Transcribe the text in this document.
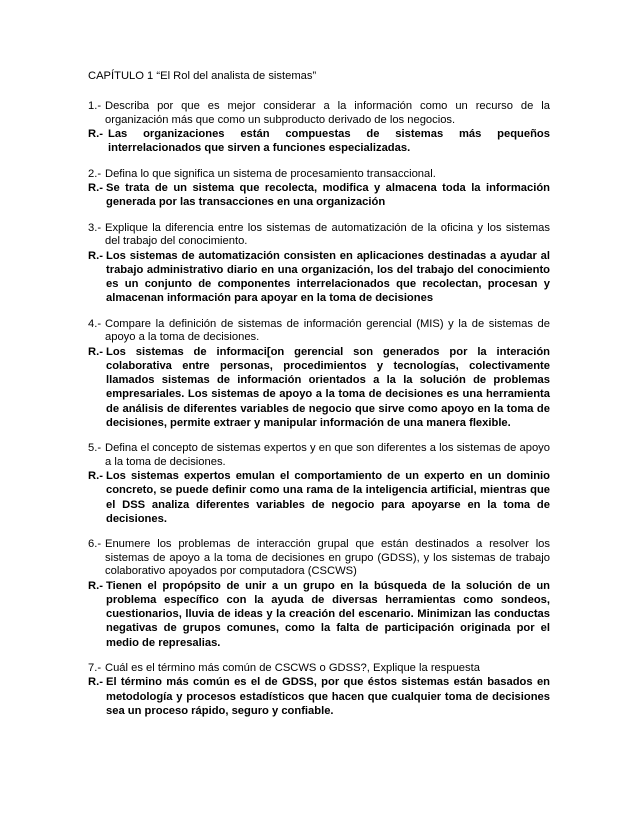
CAPÍTULO 1 “El Rol del analista de sistemas”
1.- Describa por que es mejor considerar a la información como un recurso de la organización más que como un subproducto derivado de los negocios.
R.- Las organizaciones están compuestas de sistemas más pequeños interrelacionados que sirven a funciones especializadas.
2.- Defina lo que significa un sistema de procesamiento transaccional.
R.- Se trata de un sistema que recolecta, modifica y almacena toda la información generada por las transacciones en una organización
3.- Explique la diferencia entre los sistemas de automatización de la oficina y los sistemas del trabajo del conocimiento.
R.- Los sistemas de automatización consisten en aplicaciones destinadas a ayudar al trabajo administrativo diario en una organización, los del trabajo del conocimiento es un conjunto de componentes interrelacionados que recolectan, procesan y almacenan información para apoyar en la toma de decisiones
4.- Compare la definición de sistemas de información gerencial (MIS) y la de sistemas de apoyo a la toma de decisiones.
R.- Los sistemas de informaci[on gerencial son generados por la interación colaborativa entre personas, procedimientos y tecnologías, colectivamente llamados sistemas de información orientados a la la solución de problemas empresariales. Los sistemas de apoyo a la toma de decisiones es una herramienta de análisis de diferentes variables de negocio que sirve como apoyo en la toma de decisiones, permite extraer y manipular información de una manera flexible.
5.- Defina el concepto de sistemas expertos y en que son diferentes a los sistemas de apoyo a la toma de decisiones.
R.- Los sistemas expertos emulan el comportamiento de un experto en un dominio concreto, se puede definir como una rama de la inteligencia artificial, mientras que el DSS analiza diferentes variables de negocio para apoyarse en la toma de decisiones.
6.- Enumere los problemas de interacción grupal que están destinados a resolver los sistemas de apoyo a la toma de decisiones en grupo (GDSS), y los sistemas de trabajo colaborativo apoyados por computadora (CSCWS)
R.- Tienen el propópsito de unir a un grupo en la búsqueda de la solución de un problema específico con la ayuda de diversas herramientas como sondeos, cuestionarios, lluvia de ideas y la creación del escenario. Minimizan las conductas negativas de grupos comunes, como la falta de participación originada por el medio de represalias.
7.- Cuál es el término más común de CSCWS o GDSS?, Explique la respuesta
R.- El término más común es el de GDSS, por que éstos sistemas están basados en metodología y procesos estadísticos que hacen que cualquier toma de decisiones sea un proceso rápido, seguro y confiable.
